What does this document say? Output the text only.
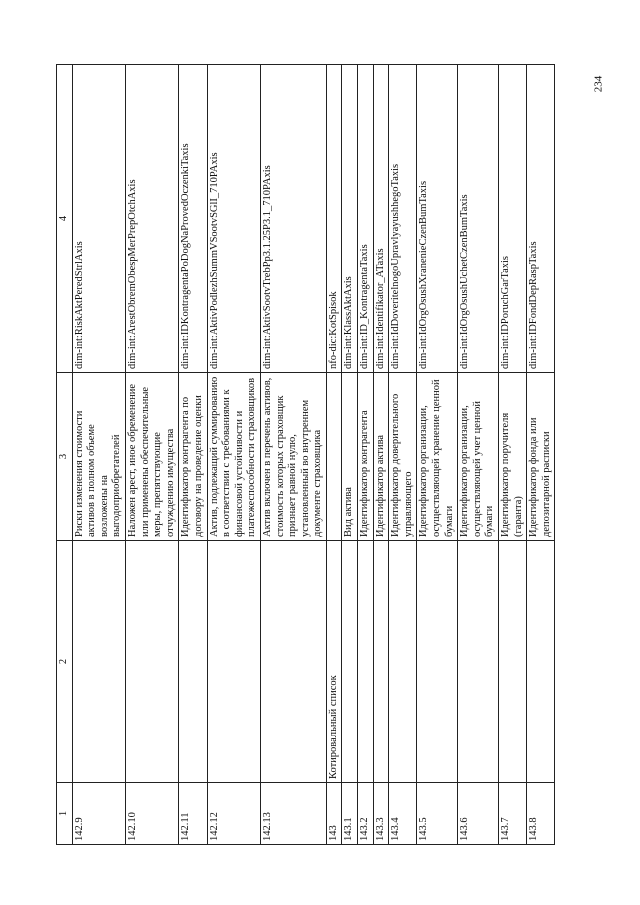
1	2	3	4
142.9		Риски изменения стоимости активов в полном объеме возложены на выгодоприобретателей	dim-int:RiskAktPeredStrlAxis
142.10		Наложен арест, иное обременение или применены обеспечительные меры, препятствующие отчуждению имущества	dim-int:ArestObremObespMerPrepOtchAxis
142.11		Идентификатор контрагента по договору на проведение оценки	dim-int:IDKontragentaPoDogNaProvedOczenkiTaxis
142.12		Актив, подлежащий суммированию в соответствии с требованиями к финансовой устойчивости и платежеспособности страховщиков	dim-int:AktivPodlezhSummVSootvSGlI_710PAxis
142.13		Актив включен в перечень активов, стоимость которых страховщик признает равной нулю, установленный во внутреннем документе страховщика	dim-int:AktivSootvTrebPp3.1.25P3.1_710PAxis
143	Котировальный список		nfo-dic:KotSpisok
143.1		Вид актива	dim-int:KlassAktAxis
143.2		Идентификатор контрагента	dim-int:ID_KontragentaTaxis
143.3		Идентификатор актива	dim-int:Identifikator_ATaxis
143.4		Идентификатор доверительного управляющего	dim-int:IdDoveritelnogoUpravlyayushhegoTaxis
143.5		Идентификатор организации, осуществляющей хранение ценной бумаги	dim-int:IdOrgOsushXranenieCzenBumTaxis
143.6		Идентификатор организации, осуществляющей учет ценной бумаги	dim-int:IdOrgOsushUchetCzenBumTaxis
143.7		Идентификатор поручителя (гаранта)	dim-int:IDPoruchGarTaxis
143.8		Идентификатор фонда или депозитарной расписки	dim-int:IDFondDepRaspTaxis
234
